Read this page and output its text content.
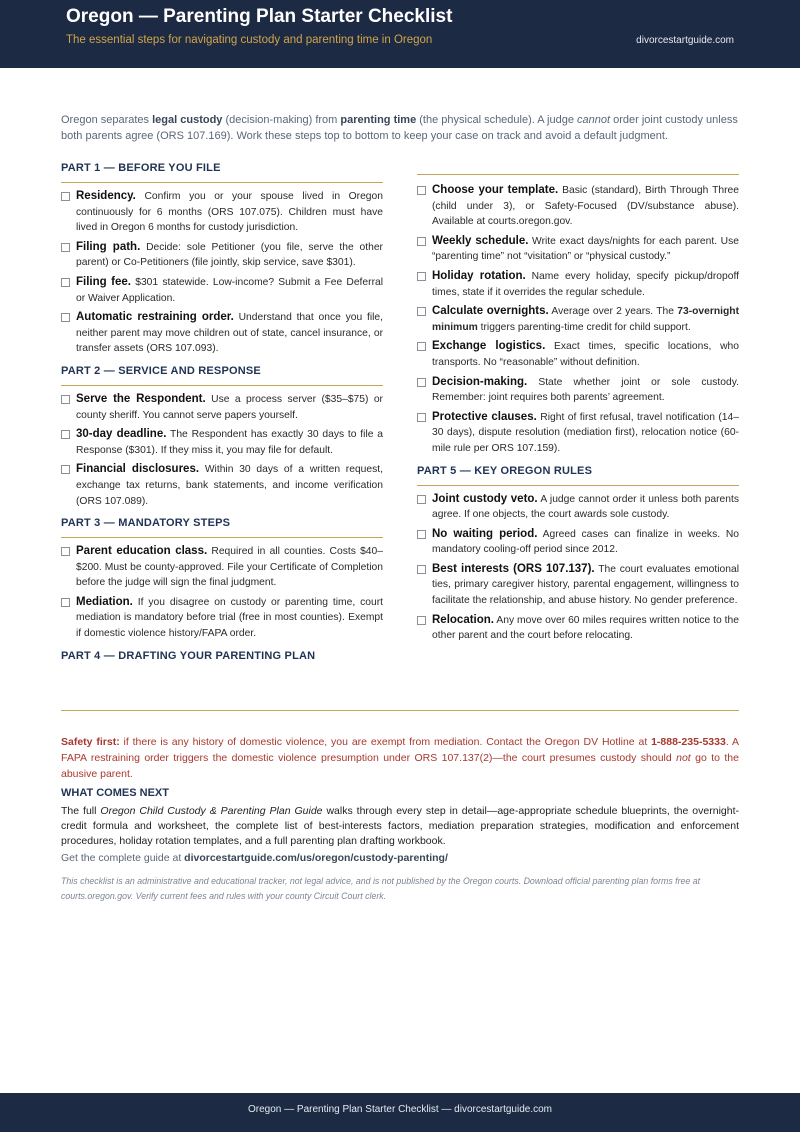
Oregon — Parenting Plan Starter Checklist

The essential steps for navigating custody and parenting time in Oregon	divorcestartguide.com
Oregon separates legal custody (decision-making) from parenting time (the physical schedule). A judge cannot order joint custody unless both parents agree (ORS 107.169). Work these steps top to bottom to keep your case on track and avoid a default judgment.
PART 1 — BEFORE YOU FILE
Residency. Confirm you or your spouse lived in Oregon continuously for 6 months (ORS 107.075). Children must have lived in Oregon 6 months for custody jurisdiction.
Filing path. Decide: sole Petitioner (you file, serve the other parent) or Co-Petitioners (file jointly, skip service, save $301).
Filing fee. $301 statewide. Low-income? Submit a Fee Deferral or Waiver Application.
Automatic restraining order. Understand that once you file, neither parent may move children out of state, cancel insurance, or transfer assets (ORS 107.093).
PART 2 — SERVICE AND RESPONSE
Serve the Respondent. Use a process server ($35–$75) or county sheriff. You cannot serve papers yourself.
30-day deadline. The Respondent has exactly 30 days to file a Response ($301). If they miss it, you may file for default.
Financial disclosures. Within 30 days of a written request, exchange tax returns, bank statements, and income verification (ORS 107.089).
PART 3 — MANDATORY STEPS
Parent education class. Required in all counties. Costs $40–$200. Must be county-approved. File your Certificate of Completion before the judge will sign the final judgment.
Mediation. If you disagree on custody or parenting time, court mediation is mandatory before trial (free in most counties). Exempt if domestic violence history/FAPA order.
PART 4 — DRAFTING YOUR PARENTING PLAN
Choose your template. Basic (standard), Birth Through Three (child under 3), or Safety-Focused (DV/substance abuse). Available at courts.oregon.gov.
Weekly schedule. Write exact days/nights for each parent. Use “parenting time” not “visitation” or “physical custody.”
Holiday rotation. Name every holiday, specify pickup/dropoff times, state if it overrides the regular schedule.
Calculate overnights. Average over 2 years. The 73-overnight minimum triggers parenting-time credit for child support.
Exchange logistics. Exact times, specific locations, who transports. No “reasonable” without definition.
Decision-making. State whether joint or sole custody. Remember: joint requires both parents’ agreement.
Protective clauses. Right of first refusal, travel notification (14–30 days), dispute resolution (mediation first), relocation notice (60-mile rule per ORS 107.159).
PART 5 — KEY OREGON RULES
Joint custody veto. A judge cannot order it unless both parents agree. If one objects, the court awards sole custody.
No waiting period. Agreed cases can finalize in weeks. No mandatory cooling-off period since 2012.
Best interests (ORS 107.137). The court evaluates emotional ties, primary caregiver history, parental engagement, willingness to facilitate the relationship, and abuse history. No gender preference.
Relocation. Any move over 60 miles requires written notice to the other parent and the court before relocating.
Safety first: if there is any history of domestic violence, you are exempt from mediation. Contact the Oregon DV Hotline at 1-888-235-5333. A FAPA restraining order triggers the domestic violence presumption under ORS 107.137(2)—the court presumes custody should not go to the abusive parent.
WHAT COMES NEXT
The full Oregon Child Custody & Parenting Plan Guide walks through every step in detail—age-appropriate schedule blueprints, the overnight-credit formula and worksheet, the complete list of best-interests factors, mediation preparation strategies, modification and enforcement procedures, holiday rotation templates, and a full parenting plan drafting workbook.
Get the complete guide at divorcestartguide.com/us/oregon/custody-parenting/
This checklist is an administrative and educational tracker, not legal advice, and is not published by the Oregon courts. Download official parenting plan forms free at courts.oregon.gov. Verify current fees and rules with your county Circuit Court clerk.
Oregon — Parenting Plan Starter Checklist — divorcestartguide.com
